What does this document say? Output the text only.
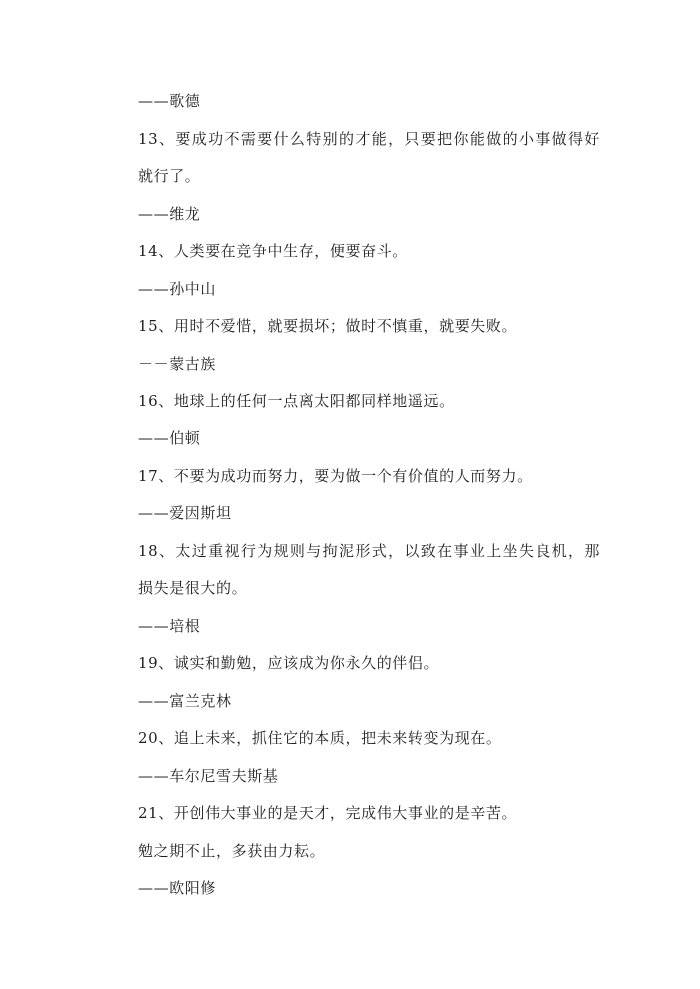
——歌德
13、要成功不需要什么特别的才能，只要把你能做的小事做得好
就行了。
——维龙
14、人类要在竞争中生存，便要奋斗。
——孙中山
15、用时不爱惜，就要损坏；做时不慎重，就要失败。
－－蒙古族
16、地球上的任何一点离太阳都同样地遥远。
——伯顿
17、不要为成功而努力，要为做一个有价值的人而努力。
——爱因斯坦
18、太过重视行为规则与拘泥形式，以致在事业上坐失良机，那
损失是很大的。
——培根
19、诚实和勤勉，应该成为你永久的伴侣。
——富兰克林
20、追上未来，抓住它的本质，把未来转变为现在。
——车尔尼雪夫斯基
21、开创伟大事业的是天才，完成伟大事业的是辛苦。
勉之期不止，多获由力耘。
——欧阳修
